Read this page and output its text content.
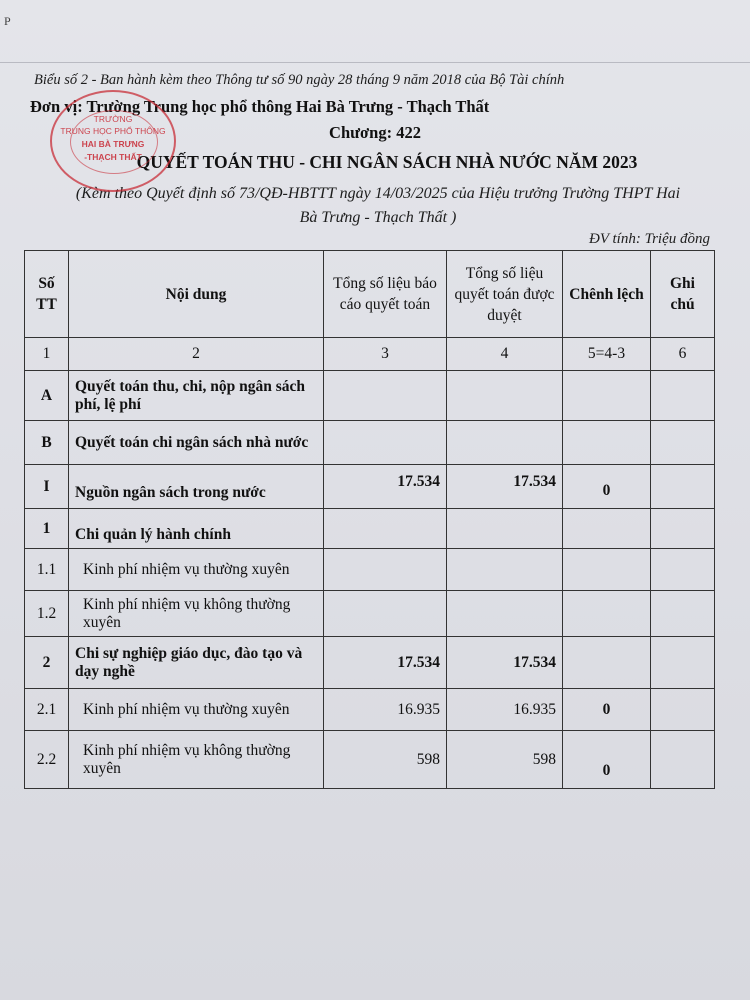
P
Biểu số 2 - Ban hành kèm theo Thông tư số 90 ngày 28 tháng 9 năm 2018 của Bộ Tài chính
Đơn vị: Trường Trung học phổ thông Hai Bà Trưng - Thạch Thất
Chương: 422
QUYẾT TOÁN THU - CHI NGÂN SÁCH NHÀ NƯỚC NĂM 2023
(Kèm theo Quyết định số 73/QĐ-HBTTT ngày 14/03/2025 của Hiệu trưởng Trường THPT Hai
Bà Trưng - Thạch Thất )
ĐV tính: Triệu đồng
TRƯỜNG
TRUNG HỌC PHỔ THÔNG
HAI BÀ TRƯNG
-THẠCH THẤT
Số TT	Nội dung	Tổng số liệu báo cáo quyết toán	Tổng số liệu quyết toán được duyệt	Chênh lệch	Ghi chú
1	2	3	4	5=4-3	6
A	Quyết toán thu, chi, nộp ngân sách phí, lệ phí				
B	Quyết toán chi ngân sách nhà nước				
I	Nguồn ngân sách trong nước	17.534	17.534	0	
1	Chi quản lý hành chính				
1.1	Kinh phí nhiệm vụ thường xuyên				
1.2	Kinh phí nhiệm vụ không thường xuyên				
2	Chi sự nghiệp giáo dục, đào tạo và dạy nghề	17.534	17.534		
2.1	Kinh phí nhiệm vụ thường xuyên	16.935	16.935	0	
2.2	Kinh phí nhiệm vụ không thường xuyên	598	598	0	
